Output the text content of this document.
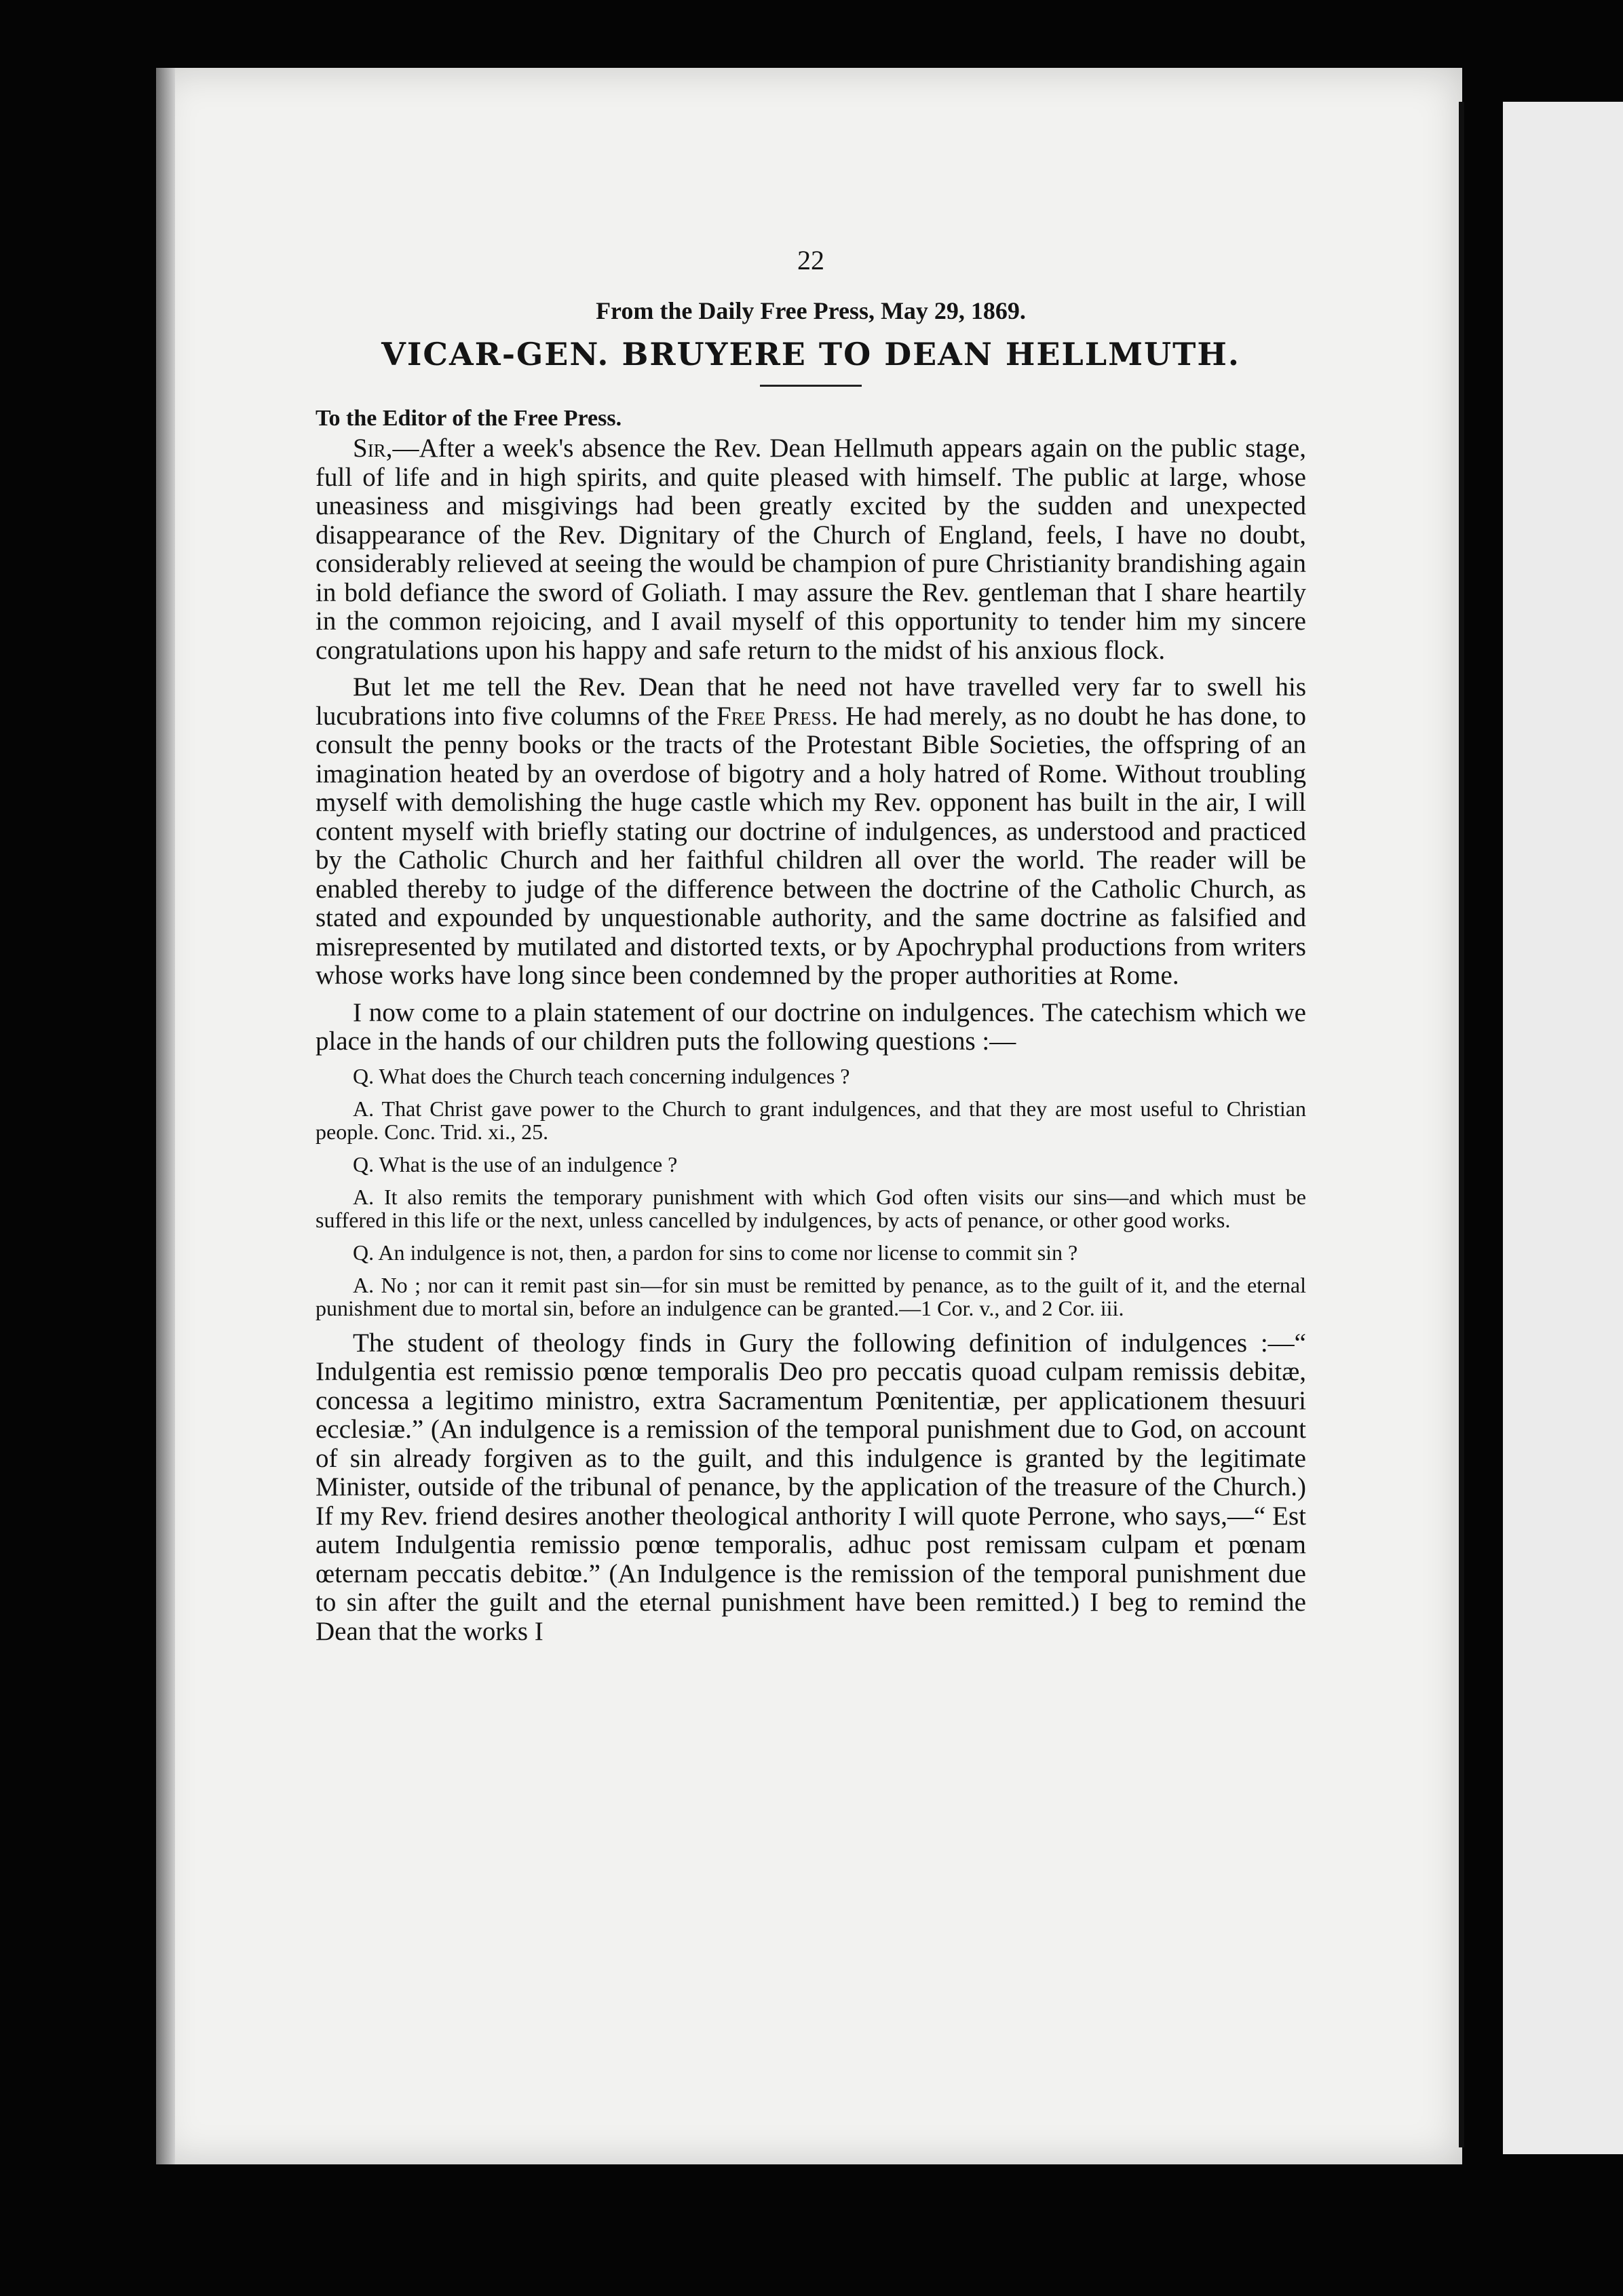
22
From the Daily Free Press, May 29, 1869.
VICAR-GEN. BRUYERE TO DEAN HELLMUTH.
To the Editor of the Free Press.

Sir,—After a week's absence the Rev. Dean Hellmuth appears again on the public stage, full of life and in high spirits, and quite pleased with himself. The public at large, whose uneasiness and misgivings had been greatly excited by the sudden and unexpected disappearance of the Rev. Dignitary of the Church of England, feels, I have no doubt, considerably relieved at seeing the would be champion of pure Christianity brandishing again in bold defiance the sword of Goliath. I may assure the Rev. gentleman that I share heartily in the common rejoicing, and I avail myself of this opportunity to tender him my sincere congratulations upon his happy and safe return to the midst of his anxious flock.

But let me tell the Rev. Dean that he need not have travelled very far to swell his lucubrations into five columns of the Free Press. He had merely, as no doubt he has done, to consult the penny books or the tracts of the Protestant Bible Societies, the offspring of an imagination heated by an overdose of bigotry and a holy hatred of Rome. Without troubling myself with demolishing the huge castle which my Rev. opponent has built in the air, I will content myself with briefly stating our doctrine of indulgences, as understood and practiced by the Catholic Church and her faithful children all over the world. The reader will be enabled thereby to judge of the difference between the doctrine of the Catholic Church, as stated and expounded by unquestionable authority, and the same doctrine as falsified and misrepresented by mutilated and distorted texts, or by Apochryphal productions from writers whose works have long since been condemned by the proper authorities at Rome.

I now come to a plain statement of our doctrine on indulgences. The catechism which we place in the hands of our children puts the following questions :—

Q. What does the Church teach concerning indulgences ?
A. That Christ gave power to the Church to grant indulgences, and that they are most useful to Christian people. Conc. Trid. xi., 25.
Q. What is the use of an indulgence ?
A. It also remits the temporary punishment with which God often visits our sins—and which must be suffered in this life or the next, unless cancelled by indulgences, by acts of penance, or other good works.
Q. An indulgence is not, then, a pardon for sins to come nor license to commit sin ?
A. No ; nor can it remit past sin—for sin must be remitted by penance, as to the guilt of it, and the eternal punishment due to mortal sin, before an indulgence can be granted.—1 Cor. v., and 2 Cor. iii.

The student of theology finds in Gury the following definition of indulgences :—“ Indulgentia est remissio pœnœ temporalis Deo pro peccatis quoad culpam remissis debitæ, concessa a legitimo ministro, extra Sacramentum Pœnitentiæ, per applicationem thesuuri ecclesiæ.” (An indulgence is a remission of the temporal punishment due to God, on account of sin already forgiven as to the guilt, and this indulgence is granted by the legitimate Minister, outside of the tribunal of penance, by the application of the treasure of the Church.) If my Rev. friend desires another theological anthority I will quote Perrone, who says,—“ Est autem Indulgentia remissio pœnœ temporalis, adhuc post remissam culpam et pœnam œternam peccatis debitœ.” (An Indulgence is the remission of the temporal punishment due to sin after the guilt and the eternal punishment have been remitted.) I beg to remind the Dean that the works I
